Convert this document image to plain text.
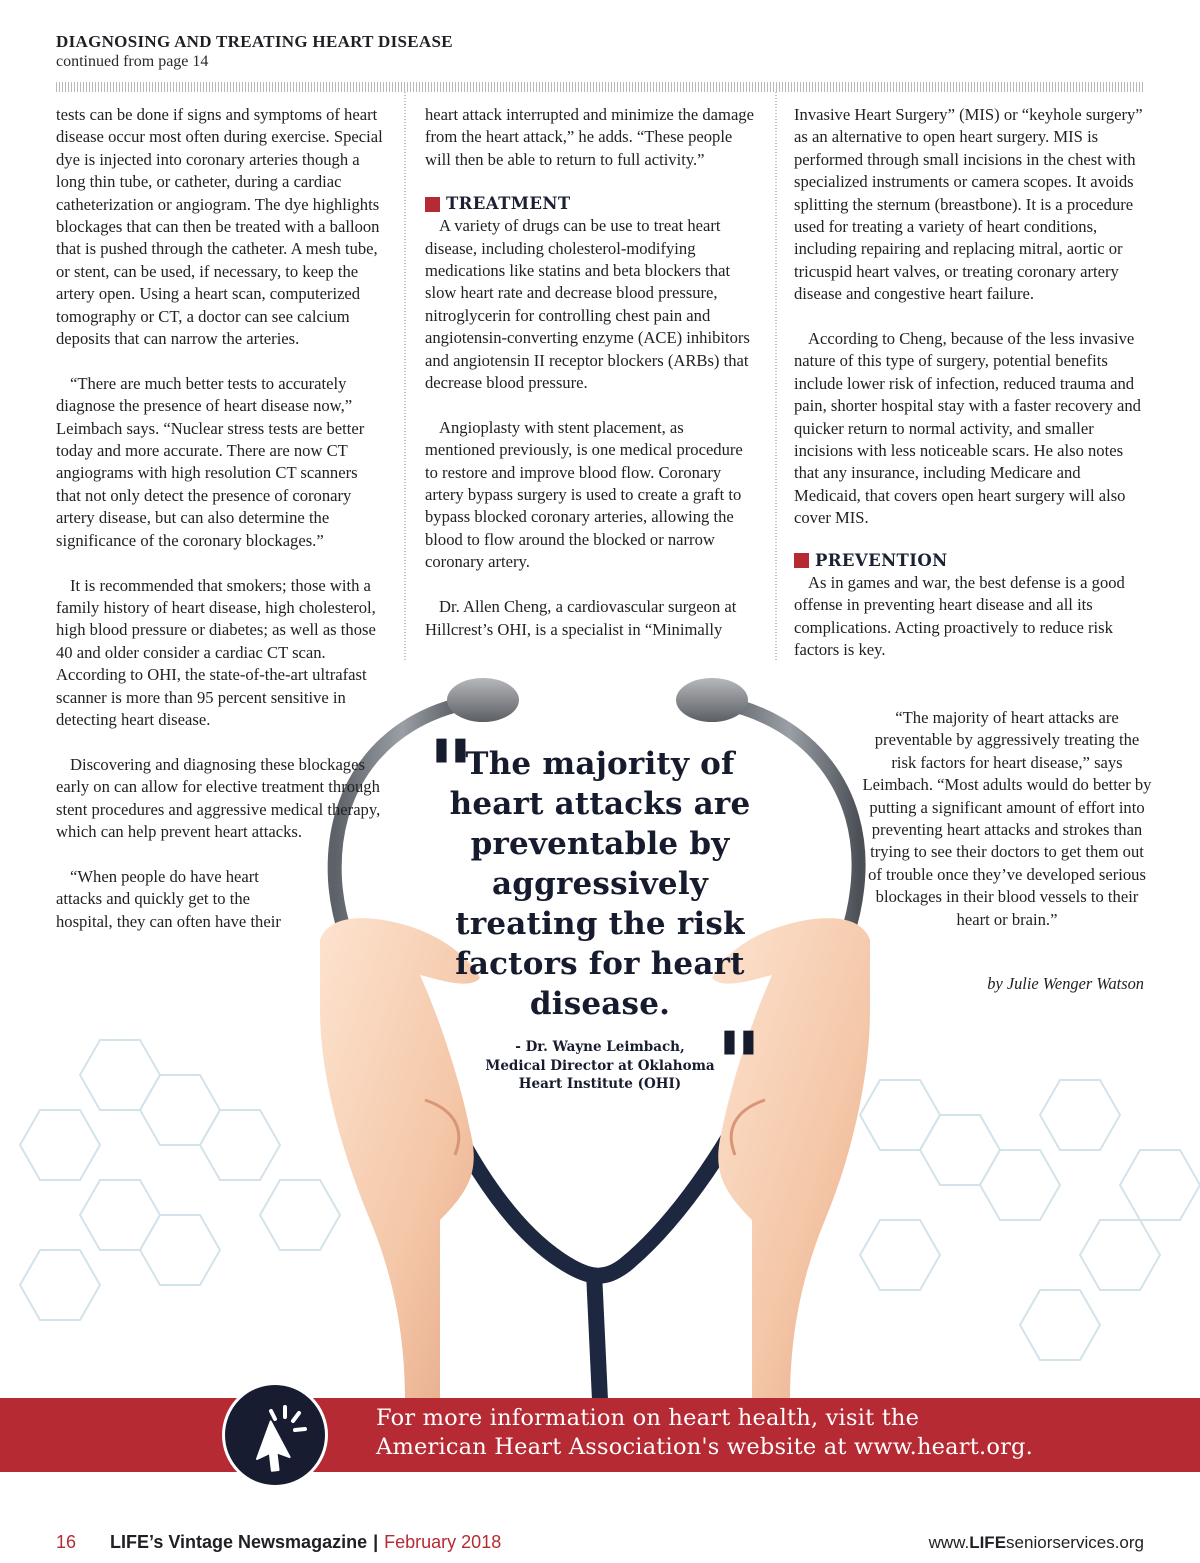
DIAGNOSING AND TREATING HEART DISEASE
continued from page 14

tests can be done if signs and symptoms of heart disease occur most often during exercise. Special dye is injected into coronary arteries though a long thin tube, or catheter, during a cardiac catheterization or angiogram. The dye highlights blockages that can then be treated with a balloon that is pushed through the catheter. A mesh tube, or stent, can be used, if necessary, to keep the artery open. Using a heart scan, computerized tomography or CT, a doctor can see calcium deposits that can narrow the arteries.

“There are much better tests to accurately diagnose the presence of heart disease now,” Leimbach says. “Nuclear stress tests are better today and more accurate. There are now CT angiograms with high resolution CT scanners that not only detect the presence of coronary artery disease, but can also determine the significance of the coronary blockages.”

It is recommended that smokers; those with a family history of heart disease, high cholesterol, high blood pressure or diabetes; as well as those 40 and older consider a cardiac CT scan. According to OHI, the state-of-the-art ultrafast scanner is more than 95 percent sensitive in detecting heart disease.

Discovering and diagnosing these blockages early on can allow for elective treatment through stent procedures and aggressive medical therapy, which can help prevent heart attacks.

“When people do have heart attacks and quickly get to the hospital, they can often have their

heart attack interrupted and minimize the damage from the heart attack,” he adds. “These people will then be able to return to full activity.”

TREATMENT

A variety of drugs can be use to treat heart disease, including cholesterol-modifying medications like statins and beta blockers that slow heart rate and decrease blood pressure, nitroglycerin for controlling chest pain and angiotensin-converting enzyme (ACE) inhibitors and angiotensin II receptor blockers (ARBs) that decrease blood pressure.

Angioplasty with stent placement, as mentioned previously, is one medical procedure to restore and improve blood flow. Coronary artery bypass surgery is used to create a graft to bypass blocked coronary arteries, allowing the blood to flow around the blocked or narrow coronary artery.

Dr. Allen Cheng, a cardiovascular surgeon at Hillcrest’s OHI, is a specialist in “Minimally

Invasive Heart Surgery” (MIS) or “keyhole surgery” as an alternative to open heart surgery. MIS is performed through small incisions in the chest with specialized instruments or camera scopes. It avoids splitting the sternum (breastbone). It is a procedure used for treating a variety of heart conditions, including repairing and replacing mitral, aortic or tricuspid heart valves, or treating coronary artery disease and congestive heart failure.

According to Cheng, because of the less invasive nature of this type of surgery, potential benefits include lower risk of infection, reduced trauma and pain, shorter hospital stay with a faster recovery and quicker return to normal activity, and smaller incisions with less noticeable scars. He also notes that any insurance, including Medicare and Medicaid, that covers open heart surgery will also cover MIS.

PREVENTION

As in games and war, the best defense is a good offense in preventing heart disease and all its complications. Acting proactively to reduce risk factors is key.

“The majority of heart attacks are preventable by aggressively treating the risk factors for heart disease,” says Leimbach. “Most adults would do better by putting a significant amount of effort into preventing heart attacks and strokes than trying to see their doctors to get them out of trouble once they’ve developed serious blockages in their blood vessels to their heart or brain.”
by Julie Wenger Watson
"
"
The majority of heart attacks are preventable by aggressively treating the risk factors for heart disease.
- Dr. Wayne Leimbach,
Medical Director at Oklahoma
Heart Institute (OHI)
For more information on heart health, visit the
American Heart Association's website at www.heart.org.
16	LIFE’s Vintage Newsmagazine | February 2018	www.LIFEseniorservices.org
